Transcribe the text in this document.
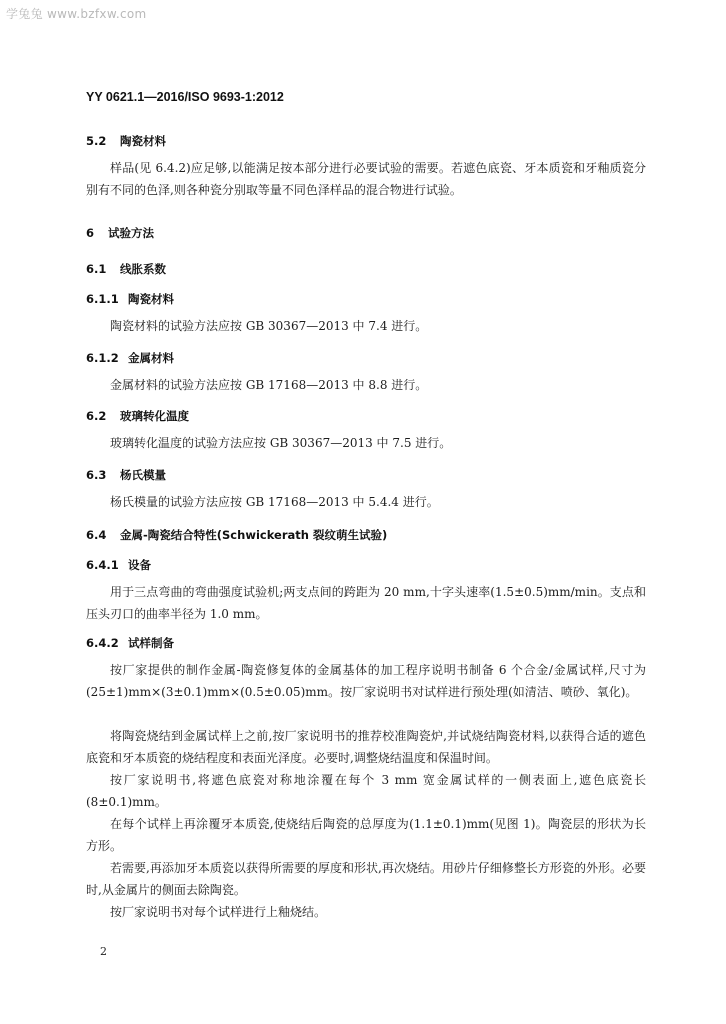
学兔兔 www.bzfxw.com
YY 0621.1—2016/ISO 9693-1:2012
5.2 陶瓷材料
样品(见 6.4.2)应足够,以能满足按本部分进行必要试验的需要。若遮色底瓷、牙本质瓷和牙釉质瓷分别有不同的色泽,则各种瓷分别取等量不同色泽样品的混合物进行试验。
6 试验方法
6.1 线胀系数
6.1.1 陶瓷材料
陶瓷材料的试验方法应按 GB 30367—2013 中 7.4 进行。
6.1.2 金属材料
金属材料的试验方法应按 GB 17168—2013 中 8.8 进行。
6.2 玻璃转化温度
玻璃转化温度的试验方法应按 GB 30367—2013 中 7.5 进行。
6.3 杨氏模量
杨氏模量的试验方法应按 GB 17168—2013 中 5.4.4 进行。
6.4 金属-陶瓷结合特性(Schwickerath 裂纹萌生试验)
6.4.1 设备
用于三点弯曲的弯曲强度试验机;两支点间的跨距为 20 mm,十字头速率(1.5±0.5)mm/min。支点和压头刃口的曲率半径为 1.0 mm。
6.4.2 试样制备
按厂家提供的制作金属-陶瓷修复体的金属基体的加工程序说明书制备 6 个合金/金属试样,尺寸为(25±1)mm×(3±0.1)mm×(0.5±0.05)mm。按厂家说明书对试样进行预处理(如清洁、喷砂、氧化)。
将陶瓷烧结到金属试样上之前,按厂家说明书的推荐校准陶瓷炉,并试烧结陶瓷材料,以获得合适的遮色底瓷和牙本质瓷的烧结程度和表面光泽度。必要时,调整烧结温度和保温时间。
按厂家说明书,将遮色底瓷对称地涂覆在每个 3 mm 宽金属试样的一侧表面上,遮色底瓷长(8±0.1)mm。
在每个试样上再涂覆牙本质瓷,使烧结后陶瓷的总厚度为(1.1±0.1)mm(见图 1)。陶瓷层的形状为长方形。
若需要,再添加牙本质瓷以获得所需要的厚度和形状,再次烧结。用砂片仔细修整长方形瓷的外形。必要时,从金属片的侧面去除陶瓷。
按厂家说明书对每个试样进行上釉烧结。
2
